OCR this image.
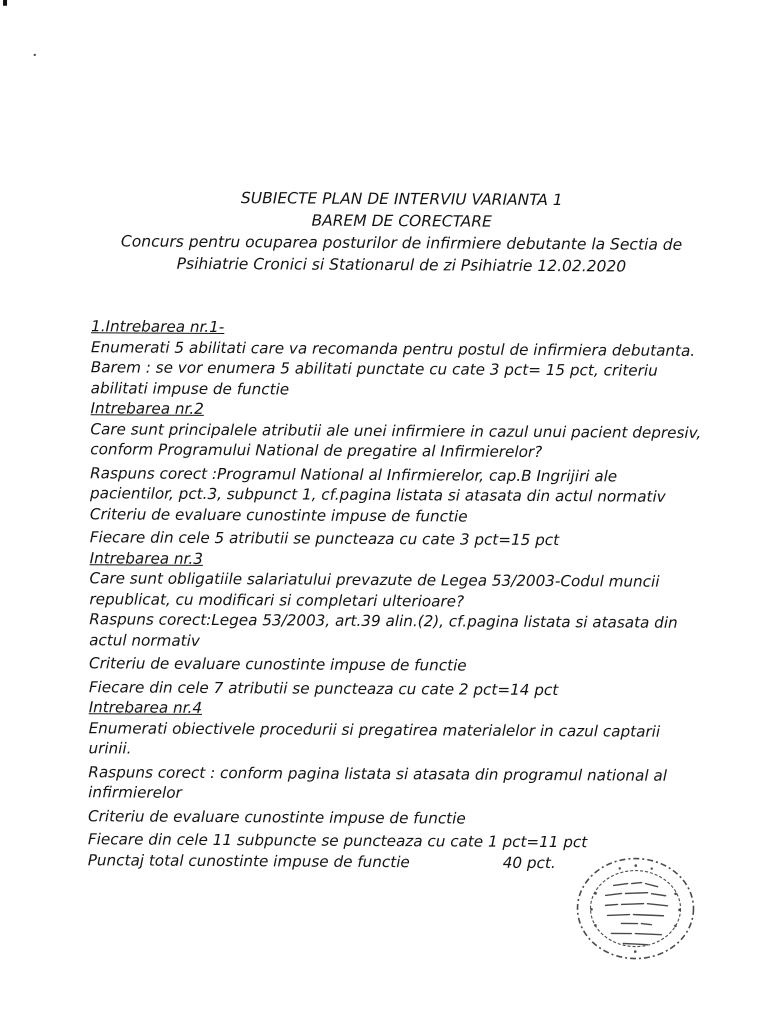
SUBIECTE PLAN DE INTERVIU VARIANTA 1
BAREM DE CORECTARE
Concurs pentru ocuparea posturilor de infirmiere debutante la Sectia de
Psihiatrie Cronici si Stationarul de zi Psihiatrie 12.02.2020
1.Intrebarea nr.1-
Enumerati 5 abilitati care va recomanda pentru postul de infirmiera debutanta.
Barem : se vor enumera 5 abilitati punctate cu cate 3 pct= 15 pct, criteriu
abilitati impuse de functie
Intrebarea nr.2
Care sunt principalele atributii ale unei infirmiere in cazul unui pacient depresiv,
conform Programului National de pregatire al Infirmierelor?
Raspuns corect :Programul National al Infirmierelor, cap.B Ingrijiri ale
pacientilor, pct.3, subpunct 1, cf.pagina listata si atasata din actul normativ
Criteriu de evaluare cunostinte impuse de functie
Fiecare din cele 5 atributii se puncteaza cu cate 3 pct=15 pct
Intrebarea nr.3
Care sunt obligatiile salariatului prevazute de Legea 53/2003-Codul muncii
republicat, cu modificari si completari ulterioare?
Raspuns corect:Legea 53/2003, art.39 alin.(2), cf.pagina listata si atasata din
actul normativ
Criteriu de evaluare cunostinte impuse de functie
Fiecare din cele 7 atributii se puncteaza cu cate 2 pct=14 pct
Intrebarea nr.4
Enumerati obiectivele procedurii si pregatirea materialelor in cazul captarii
urinii.
Raspuns corect : conform pagina listata si atasata din programul national al
infirmierelor
Criteriu de evaluare cunostinte impuse de functie
Fiecare din cele 11 subpuncte se puncteaza cu cate 1 pct=11 pct
Punctaj total cunostinte impuse de functie	40 pct.
